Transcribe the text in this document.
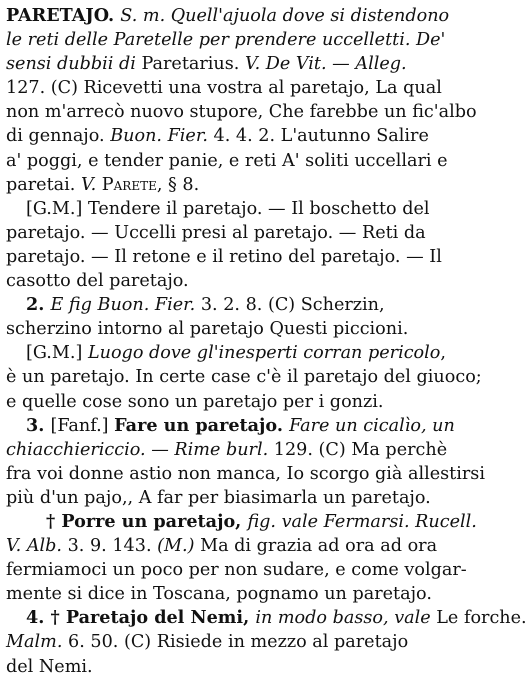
PARETAJO. S. m. Quell'ajuola dove si distendono
le reti delle Paretelle per prendere uccelletti. De'
sensi dubbii di Paretarius. V. De Vit. — Alleg.
127. (C) Ricevetti una vostra al paretajo, La qual
non m'arrecò nuovo stupore, Che farebbe un fic'albo
di gennajo. Buon. Fier. 4. 4. 2. L'autunno Salire
a' poggi, e tender panie, e reti A' soliti uccellari e
paretai. V. Parete, § 8.
[G.M.] Tendere il paretajo. — Il boschetto del
paretajo. — Uccelli presi al paretajo. — Reti da
paretajo. — Il retone e il retino del paretajo. — Il
casotto del paretajo.
2. E fig Buon. Fier. 3. 2. 8. (C) Scherzin,
scherzino intorno al paretajo Questi piccioni.
[G.M.] Luogo dove gl'inesperti corran pericolo,
è un paretajo. In certe case c'è il paretajo del giuoco;
e quelle cose sono un paretajo per i gonzi.
3. [Fanf.] Fare un paretajo. Fare un cicalìo, un
chiacchiericcio. — Rime burl. 129. (C) Ma perchè
fra voi donne astio non manca, Io scorgo già allestirsi
più d'un pajo,, A far per biasimarla un paretajo.
† Porre un paretajo, fig. vale Fermarsi. Rucell.
V. Alb. 3. 9. 143. (M.) Ma di grazia ad ora ad ora
fermiamoci un poco per non sudare, e come volgar-
mente si dice in Toscana, pognamo un paretajo.
4. † Paretajo del Nemi, in modo basso, vale Le forche.
Malm. 6. 50. (C) Risiede in mezzo al paretajo
del Nemi.
